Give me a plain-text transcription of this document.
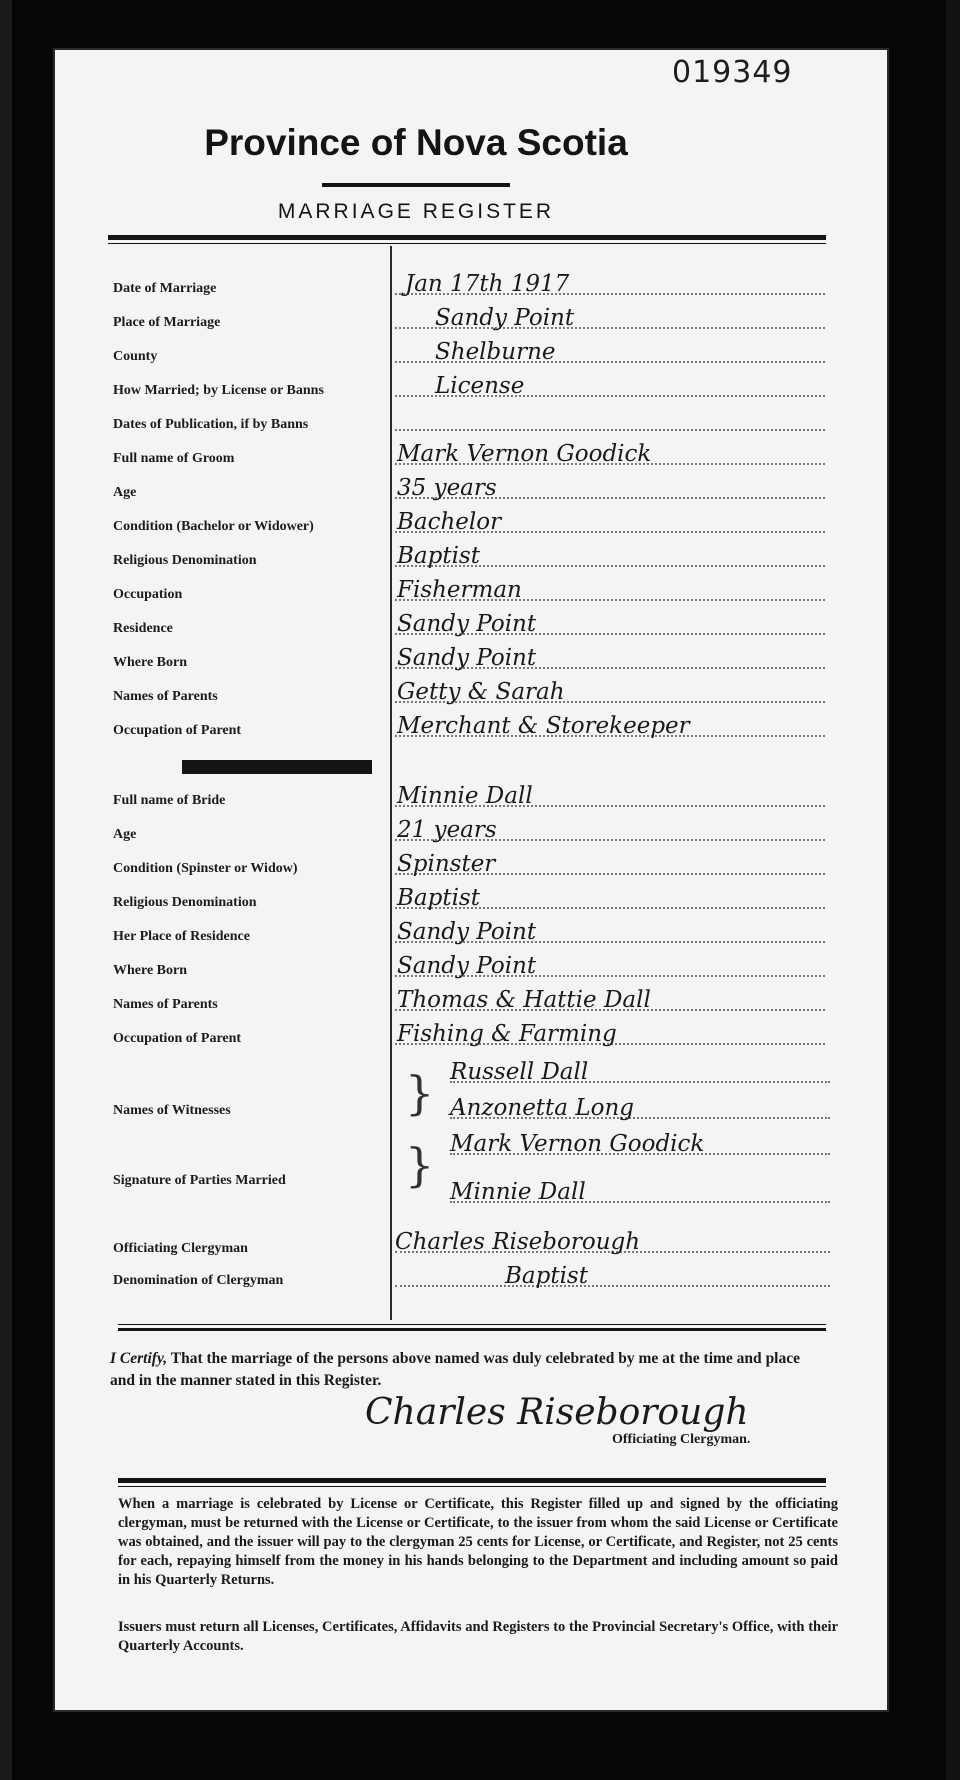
019349
Province of Nova Scotia
MARRIAGE REGISTER
Date of Marriage	Jan 17th 1917
Place of Marriage	Sandy Point
County	Shelburne
How Married; by License or Banns	License
Dates of Publication, if by Banns
Full name of Groom	Mark Vernon Goodick
Age	35 years
Condition (Bachelor or Widower)	Bachelor
Religious Denomination	Baptist
Occupation	Fisherman
Residence	Sandy Point
Where Born	Sandy Point
Names of Parents	Getty & Sarah
Occupation of Parent	Merchant & Storekeeper
Full name of Bride	Minnie Dall
Age	21 years
Condition (Spinster or Widow)	Spinster
Religious Denomination	Baptist
Her Place of Residence	Sandy Point
Where Born	Sandy Point
Names of Parents	Thomas & Hattie Dall
Occupation of Parent	Fishing & Farming
Names of Witnesses	} Russell Dall
Anzonetta Long
Signature of Parties Married	} Mark Vernon Goodick
Minnie Dall
Officiating Clergyman	Charles Riseborough
Denomination of Clergyman	Baptist
I Certify, That the marriage of the persons above named was duly celebrated by me at the time and place and in the manner stated in this Register.
Charles Riseborough
Officiating Clergyman.
When a marriage is celebrated by License or Certificate, this Register filled up and signed by the officiating clergyman, must be returned with the License or Certificate, to the issuer from whom the said License or Certificate was obtained, and the issuer will pay to the clergyman 25 cents for License, or Certificate, and Register, not 25 cents for each, repaying himself from the money in his hands belonging to the Department and including amount so paid in his Quarterly Returns.
Issuers must return all Licenses, Certificates, Affidavits and Registers to the Provincial Secretary's Office, with their Quarterly Accounts.
